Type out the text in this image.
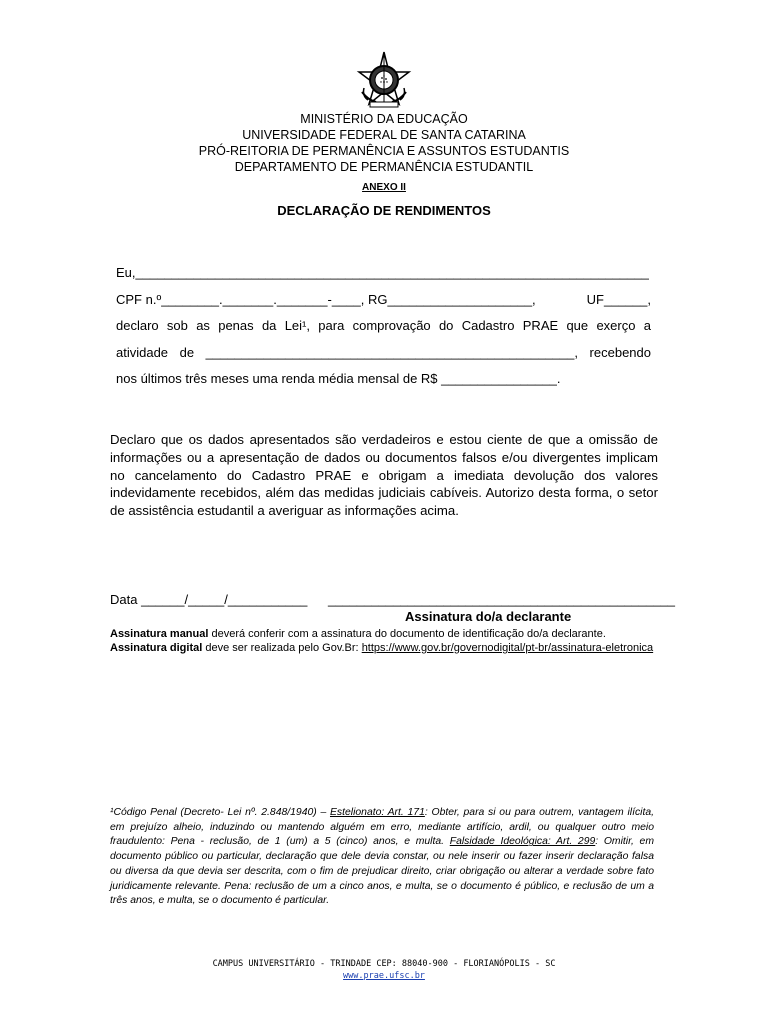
MINISTÉRIO DA EDUCAÇÃO
UNIVERSIDADE FEDERAL DE SANTA CATARINA
PRÓ-REITORIA DE PERMANÊNCIA E ASSUNTOS ESTUDANTIS
DEPARTAMENTO DE PERMANÊNCIA ESTUDANTIL
ANEXO II
DECLARAÇÃO DE RENDIMENTOS
Eu,_______________________________________________________________________
CPF n.º________._______._______-____, RG____________________,	UF______,
declaro sob as penas da Lei¹, para comprovação do Cadastro PRAE que exerço a
atividade de ___________________________________________________, recebendo
nos últimos três meses uma renda média mensal de R$ ________________.
Declaro que os dados apresentados são verdadeiros e estou ciente de que a omissão de informações ou a apresentação de dados ou documentos falsos e/ou divergentes implicam no cancelamento do Cadastro PRAE e obrigam a imediata devolução dos valores indevidamente recebidos, além das medidas judiciais cabíveis. Autorizo desta forma, o setor de assistência estudantil a averiguar as informações acima.
Data ______/_____/___________ ________________________________________________
Assinatura do/a declarante
Assinatura manual deverá conferir com a assinatura do documento de identificação do/a declarante.
Assinatura digital deve ser realizada pelo Gov.Br: https://www.gov.br/governodigital/pt-br/assinatura-eletronica
¹Código Penal (Decreto- Lei nº. 2.848/1940) – Estelionato: Art. 171: Obter, para si ou para outrem, vantagem ilícita, em prejuízo alheio, induzindo ou mantendo alguém em erro, mediante artifício, ardil, ou qualquer outro meio fraudulento: Pena - reclusão, de 1 (um) a 5 (cinco) anos, e multa. Falsidade Ideológica: Art. 299: Omitir, em documento público ou particular, declaração que dele devia constar, ou nele inserir ou fazer inserir declaração falsa ou diversa da que devia ser descrita, com o fim de prejudicar direito, criar obrigação ou alterar a verdade sobre fato juridicamente relevante. Pena: reclusão de um a cinco anos, e multa, se o documento é público, e reclusão de um a três anos, e multa, se o documento é particular.
CAMPUS UNIVERSITÁRIO - TRINDADE CEP: 88040-900 - FLORIANÓPOLIS - SC
www.prae.ufsc.br
